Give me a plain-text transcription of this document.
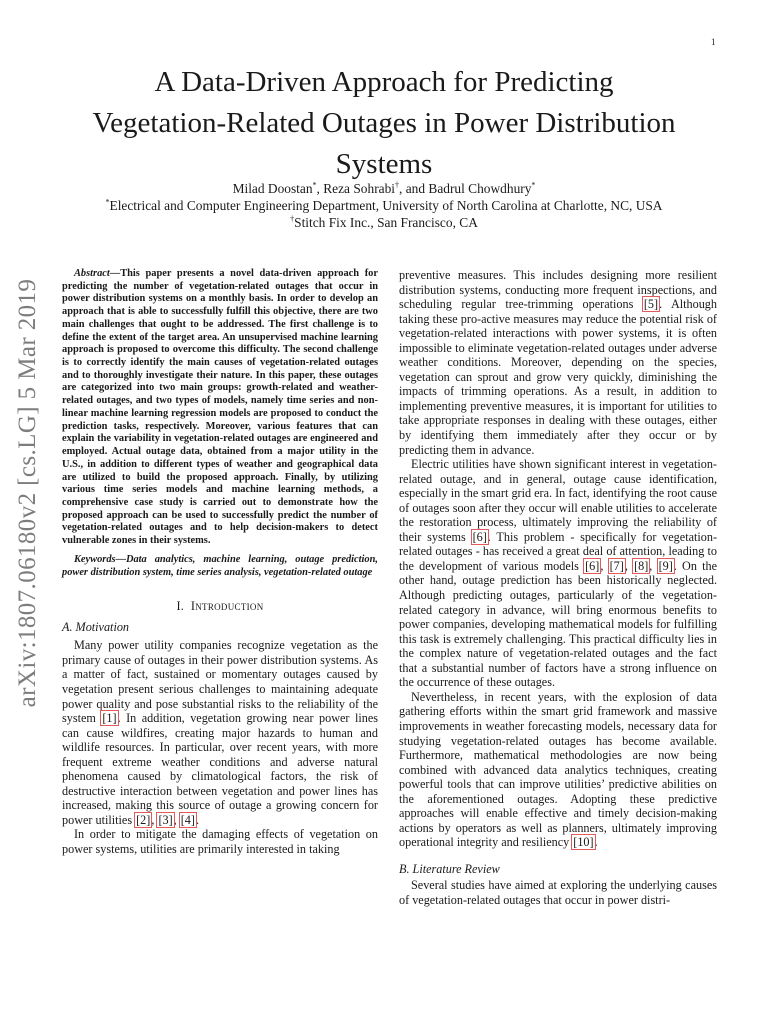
1
arXiv:1807.06180v2 [cs.LG] 5 Mar 2019
A Data-Driven Approach for Predicting
Vegetation-Related Outages in Power Distribution
Systems
Milad Doostan*, Reza Sohrabi†, and Badrul Chowdhury*
*Electrical and Computer Engineering Department, University of North Carolina at Charlotte, NC, USA
†Stitch Fix Inc., San Francisco, CA

Abstract—This paper presents a novel data-driven approach for predicting the number of vegetation-related outages that occur in power distribution systems on a monthly basis. In order to develop an approach that is able to successfully fulfill this objective, there are two main challenges that ought to be addressed. The first challenge is to define the extent of the target area. An unsupervised machine learning approach is proposed to overcome this difficulty. The second challenge is to correctly identify the main causes of vegetation-related outages and to thoroughly investigate their nature. In this paper, these outages are categorized into two main groups: growth-related and weather-related outages, and two types of models, namely time series and non-linear machine learning regression models are proposed to conduct the prediction tasks, respectively. Moreover, various features that can explain the variability in vegetation-related outages are engineered and employed. Actual outage data, obtained from a major utility in the U.S., in addition to different types of weather and geographical data are utilized to build the proposed approach. Finally, by utilizing various time series models and machine learning methods, a comprehensive case study is carried out to demonstrate how the proposed approach can be used to successfully predict the number of vegetation-related outages and to help decision-makers to detect vulnerable zones in their systems.

Keywords—Data analytics, machine learning, outage prediction, power distribution system, time series analysis, vegetation-related outage

I. Introduction
A. Motivation

Many power utility companies recognize vegetation as the primary cause of outages in their power distribution systems. As a matter of fact, sustained or momentary outages caused by vegetation present serious challenges to maintaining adequate power quality and pose substantial risks to the reliability of the system [1]. In addition, vegetation growing near power lines can cause wildfires, creating major hazards to human and wildlife resources. In particular, over recent years, with more frequent extreme weather conditions and adverse natural phenomena caused by climatological factors, the risk of destructive interaction between vegetation and power lines has increased, making this source of outage a growing concern for power utilities [2], [3], [4].

In order to mitigate the damaging effects of vegetation on power systems, utilities are primarily interested in taking

preventive measures. This includes designing more resilient distribution systems, conducting more frequent inspections, and scheduling regular tree-trimming operations [5]. Although taking these pro-active measures may reduce the potential risk of vegetation-related interactions with power systems, it is often impossible to eliminate vegetation-related outages under adverse weather conditions. Moreover, depending on the species, vegetation can sprout and grow very quickly, diminishing the impacts of trimming operations. As a result, in addition to implementing preventive measures, it is important for utilities to take appropriate responses in dealing with these outages, either by identifying them immediately after they occur or by predicting them in advance.

Electric utilities have shown significant interest in vegetation-related outage, and in general, outage cause identification, especially in the smart grid era. In fact, identifying the root cause of outages soon after they occur will enable utilities to accelerate the restoration process, ultimately improving the reliability of their systems [6]. This problem - specifically for vegetation-related outages - has received a great deal of attention, leading to the development of various models [6], [7], [8], [9]. On the other hand, outage prediction has been historically neglected. Although predicting outages, particularly of the vegetation-related category in advance, will bring enormous benefits to power companies, developing mathematical models for fulfilling this task is extremely challenging. This practical difficulty lies in the complex nature of vegetation-related outages and the fact that a substantial number of factors have a strong influence on the occurrence of these outages.

Nevertheless, in recent years, with the explosion of data gathering efforts within the smart grid framework and massive improvements in weather forecasting models, necessary data for studying vegetation-related outages has become available. Furthermore, mathematical methodologies are now being combined with advanced data analytics techniques, creating powerful tools that can improve utilities’ predictive abilities on the aforementioned outages. Adopting these predictive approaches will enable effective and timely decision-making actions by operators as well as planners, ultimately improving operational integrity and resiliency [10].

B. Literature Review

Several studies have aimed at exploring the underlying causes of vegetation-related outages that occur in power distri-
